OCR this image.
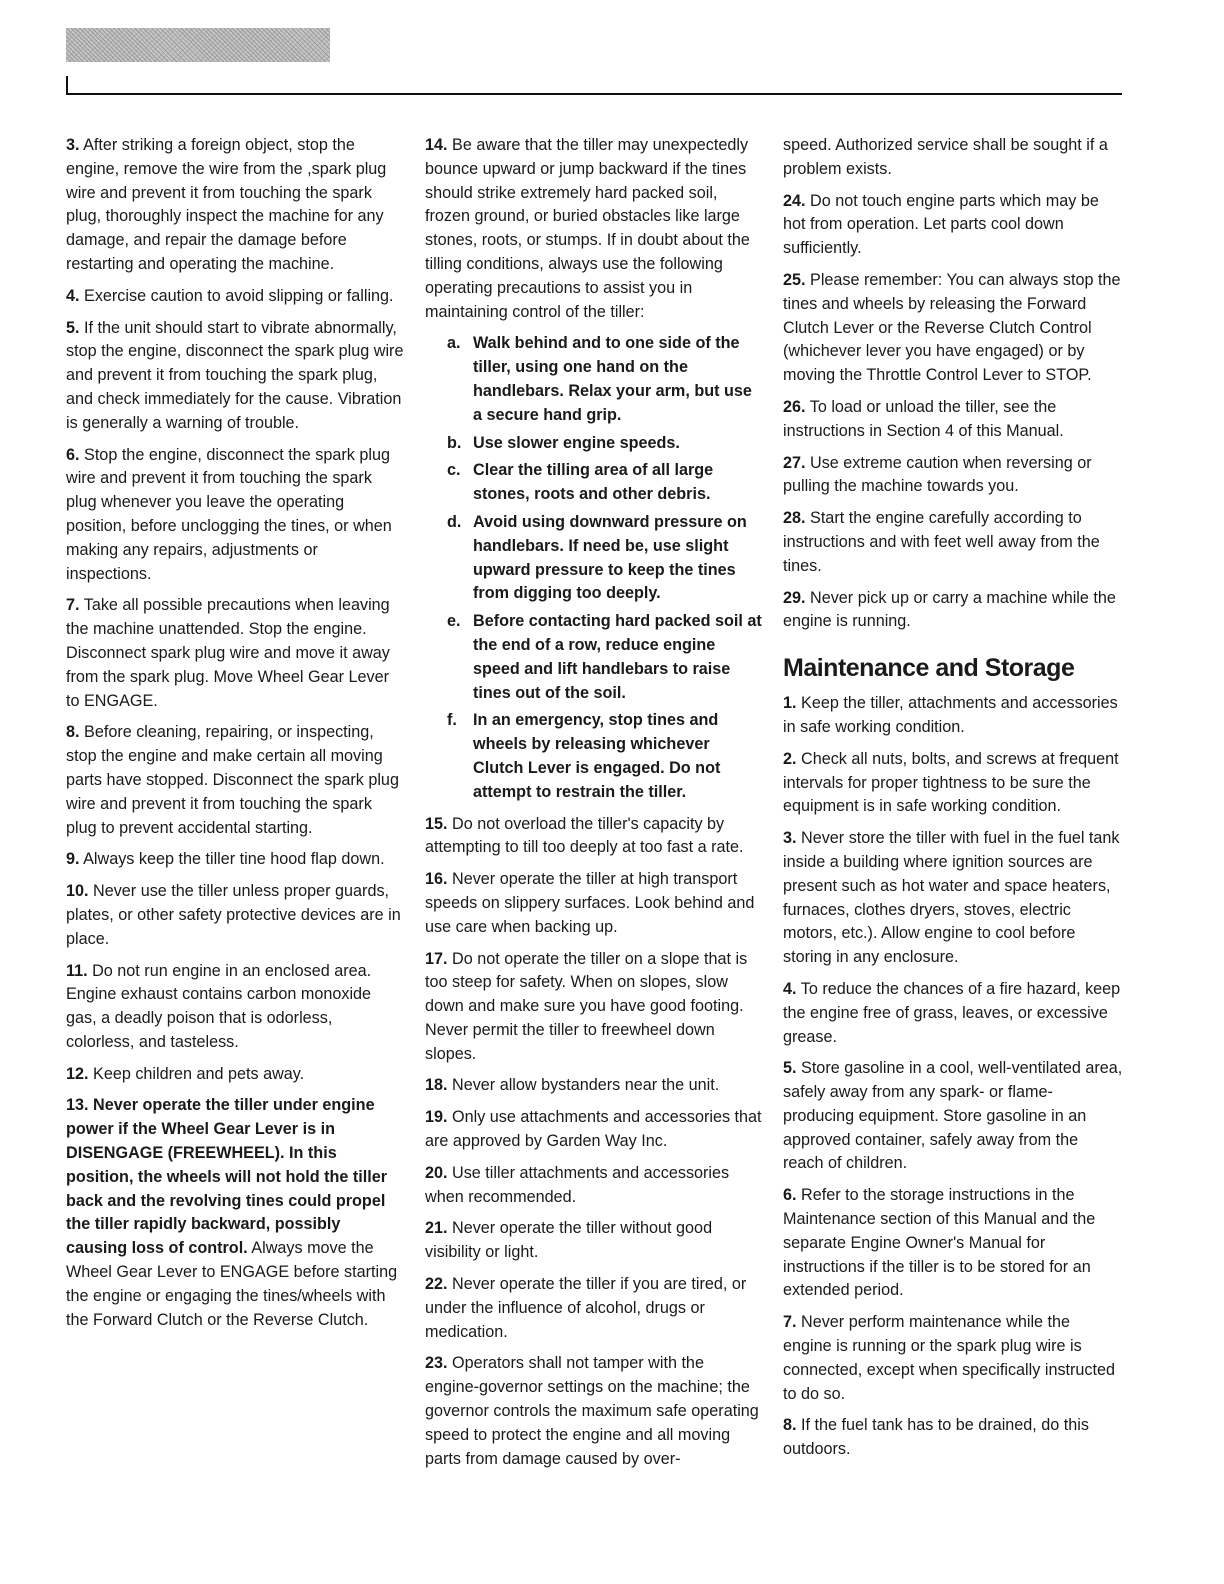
3. After striking a foreign object, stop the engine, remove the wire from the ,spark plug wire and prevent it from touching the spark plug, thoroughly inspect the machine for any damage, and repair the damage before restarting and operating the machine.

4. Exercise caution to avoid slipping or falling.

5. If the unit should start to vibrate abnormally, stop the engine, disconnect the spark plug wire and prevent it from touching the spark plug, and check immediately for the cause. Vibration is generally a warning of trouble.

6. Stop the engine, disconnect the spark plug wire and prevent it from touching the spark plug whenever you leave the operating position, before unclogging the tines, or when making any repairs, adjustments or inspections.

7. Take all possible precautions when leaving the machine unattended. Stop the engine. Disconnect spark plug wire and move it away from the spark plug. Move Wheel Gear Lever to ENGAGE.

8. Before cleaning, repairing, or inspecting, stop the engine and make certain all moving parts have stopped. Disconnect the spark plug wire and prevent it from touching the spark plug to prevent accidental starting.

9. Always keep the tiller tine hood flap down.

10. Never use the tiller unless proper guards, plates, or other safety protective devices are in place.

11. Do not run engine in an enclosed area. Engine exhaust contains carbon monoxide gas, a deadly poison that is odorless, colorless, and tasteless.

12. Keep children and pets away.

13. Never operate the tiller under engine power if the Wheel Gear Lever is in DISENGAGE (FREEWHEEL). In this position, the wheels will not hold the tiller back and the revolving tines could propel the tiller rapidly backward, possibly causing loss of control. Always move the Wheel Gear Lever to ENGAGE before starting the engine or engaging the tines/wheels with the Forward Clutch or the Reverse Clutch.

14. Be aware that the tiller may unexpectedly bounce upward or jump backward if the tines should strike extremely hard packed soil, frozen ground, or buried obstacles like large stones, roots, or stumps. If in doubt about the tilling conditions, always use the following operating precautions to assist you in maintaining control of the tiller:

a. Walk behind and to one side of the tiller, using one hand on the handlebars. Relax your arm, but use a secure hand grip.
b. Use slower engine speeds.
c. Clear the tilling area of all large stones, roots and other debris.
d. Avoid using downward pressure on handlebars. If need be, use slight upward pressure to keep the tines from digging too deeply.
e. Before contacting hard packed soil at the end of a row, reduce engine speed and lift handlebars to raise tines out of the soil.
f. In an emergency, stop tines and wheels by releasing whichever Clutch Lever is engaged. Do not attempt to restrain the tiller.

15. Do not overload the tiller's capacity by attempting to till too deeply at too fast a rate.

16. Never operate the tiller at high transport speeds on slippery surfaces. Look behind and use care when backing up.

17. Do not operate the tiller on a slope that is too steep for safety. When on slopes, slow down and make sure you have good footing. Never permit the tiller to freewheel down slopes.

18. Never allow bystanders near the unit.

19. Only use attachments and accessories that are approved by Garden Way Inc.

20. Use tiller attachments and accessories when recommended.

21. Never operate the tiller without good visibility or light.

22. Never operate the tiller if you are tired, or under the influence of alcohol, drugs or medication.

23. Operators shall not tamper with the engine-governor settings on the machine; the governor controls the maximum safe operating speed to protect the engine and all moving parts from damage caused by over-

speed. Authorized service shall be sought if a problem exists.

24. Do not touch engine parts which may be hot from operation. Let parts cool down sufficiently.

25. Please remember: You can always stop the tines and wheels by releasing the Forward Clutch Lever or the Reverse Clutch Control (whichever lever you have engaged) or by moving the Throttle Control Lever to STOP.

26. To load or unload the tiller, see the instructions in Section 4 of this Manual.

27. Use extreme caution when reversing or pulling the machine towards you.

28. Start the engine carefully according to instructions and with feet well away from the tines.

29. Never pick up or carry a machine while the engine is running.

Maintenance and Storage

1. Keep the tiller, attachments and accessories in safe working condition.

2. Check all nuts, bolts, and screws at frequent intervals for proper tightness to be sure the equipment is in safe working condition.

3. Never store the tiller with fuel in the fuel tank inside a building where ignition sources are present such as hot water and space heaters, furnaces, clothes dryers, stoves, electric motors, etc.). Allow engine to cool before storing in any enclosure.

4. To reduce the chances of a fire hazard, keep the engine free of grass, leaves, or excessive grease.

5. Store gasoline in a cool, well-ventilated area, safely away from any spark- or flame-producing equipment. Store gasoline in an approved container, safely away from the reach of children.

6. Refer to the storage instructions in the Maintenance section of this Manual and the separate Engine Owner's Manual for instructions if the tiller is to be stored for an extended period.

7. Never perform maintenance while the engine is running or the spark plug wire is connected, except when specifically instructed to do so.

8. If the fuel tank has to be drained, do this outdoors.
